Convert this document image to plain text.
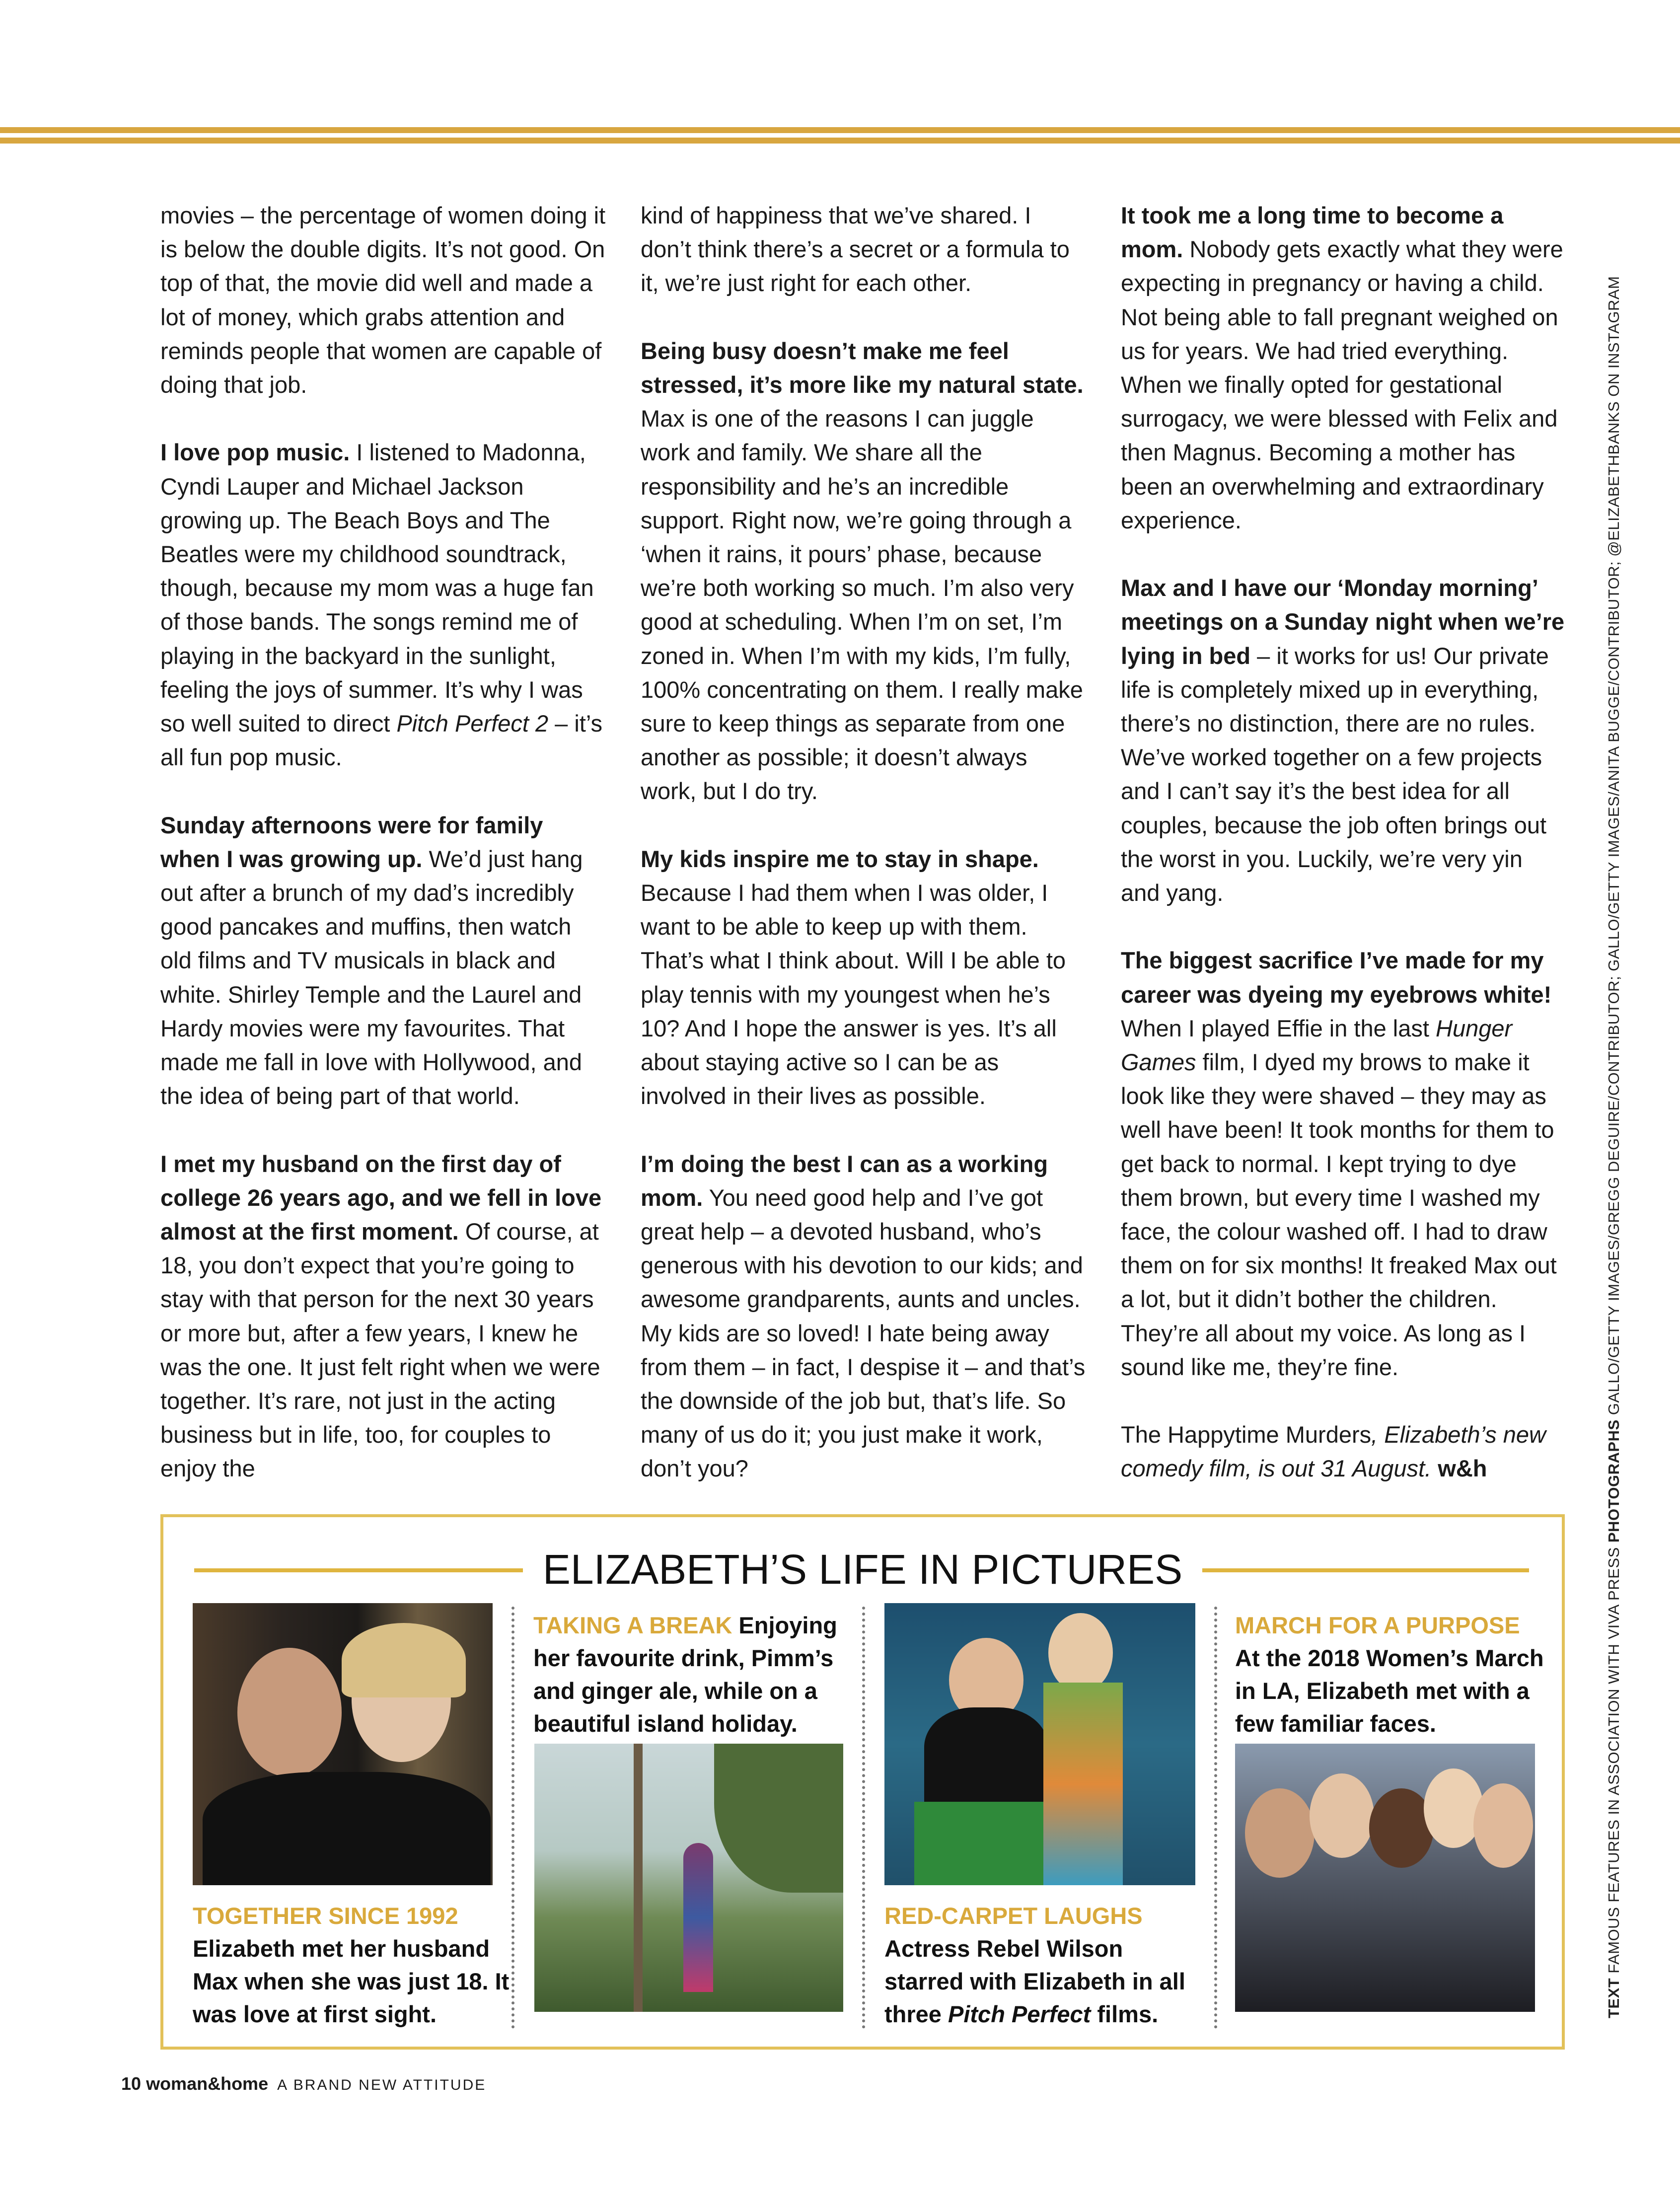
movies – the percentage of women doing it is below the double digits. It’s not good. On top of that, the movie did well and made a lot of money, which grabs attention and reminds people that women are capable of doing that job.

I love pop music. I listened to Madonna, Cyndi Lauper and Michael Jackson growing up. The Beach Boys and The Beatles were my childhood soundtrack, though, because my mom was a huge fan of those bands. The songs remind me of playing in the backyard in the sunlight, feeling the joys of summer. It’s why I was so well suited to direct Pitch Perfect 2 – it’s all fun pop music.

Sunday afternoons were for family when I was growing up. We’d just hang out after a brunch of my dad’s incredibly good pancakes and muffins, then watch old films and TV musicals in black and white. Shirley Temple and the Laurel and Hardy movies were my favourites. That made me fall in love with Hollywood, and the idea of being part of that world.

I met my husband on the first day of college 26 years ago, and we fell in love almost at the first moment. Of course, at 18, you don’t expect that you’re going to stay with that person for the next 30 years or more but, after a few years, I knew he was the one. It just felt right when we were together. It’s rare, not just in the acting business but in life, too, for couples to enjoy the

kind of happiness that we’ve shared. I don’t think there’s a secret or a formula to it, we’re just right for each other.

Being busy doesn’t make me feel stressed, it’s more like my natural state. Max is one of the reasons I can juggle work and family. We share all the responsibility and he’s an incredible support. Right now, we’re going through a ‘when it rains, it pours’ phase, because we’re both working so much. I’m also very good at scheduling. When I’m on set, I’m zoned in. When I’m with my kids, I’m fully, 100% concentrating on them. I really make sure to keep things as separate from one another as possible; it doesn’t always work, but I do try.

My kids inspire me to stay in shape. Because I had them when I was older, I want to be able to keep up with them. That’s what I think about. Will I be able to play tennis with my youngest when he’s 10? And I hope the answer is yes. It’s all about staying active so I can be as involved in their lives as possible.

I’m doing the best I can as a working mom. You need good help and I’ve got great help – a devoted husband, who’s generous with his devotion to our kids; and awesome grandparents, aunts and uncles. My kids are so loved! I hate being away from them – in fact, I despise it – and that’s the downside of the job but, that’s life. So many of us do it; you just make it work, don’t you?

It took me a long time to become a mom. Nobody gets exactly what they were expecting in pregnancy or having a child. Not being able to fall pregnant weighed on us for years. We had tried everything. When we finally opted for gestational surrogacy, we were blessed with Felix and then Magnus. Becoming a mother has been an overwhelming and extraordinary experience.

Max and I have our ‘Monday morning’ meetings on a Sunday night when we’re lying in bed – it works for us! Our private life is completely mixed up in everything, there’s no distinction, there are no rules. We’ve worked together on a few projects and I can’t say it’s the best idea for all couples, because the job often brings out the worst in you. Luckily, we’re very yin and yang.

The biggest sacrifice I’ve made for my career was dyeing my eyebrows white! When I played Effie in the last Hunger Games film, I dyed my brows to make it look like they were shaved – they may as well have been! It took months for them to get back to normal. I kept trying to dye them brown, but every time I washed my face, the colour washed off. I had to draw them on for six months! It freaked Max out a lot, but it didn’t bother the children. They’re all about my voice. As long as I sound like me, they’re fine.

The Happytime Murders, Elizabeth’s new comedy film, is out 31 August. w&h

ELIZABETH’S LIFE IN PICTURES
TOGETHER SINCE 1992
Elizabeth met her husband Max when she was just 18. It was love at first sight.
TAKING A BREAK Enjoying her favourite drink, Pimm’s and ginger ale, while on a beautiful island holiday.
RED-CARPET LAUGHS
Actress Rebel Wilson starred with Elizabeth in all three Pitch Perfect films.
MARCH FOR A PURPOSE
At the 2018 Women’s March in LA, Elizabeth met with a few familiar faces.
TEXT FAMOUS FEATURES IN ASSOCIATION WITH VIVA PRESS PHOTOGRAPHS GALLO/GETTY IMAGES/GREGG DEGUIRE/CONTRIBUTOR; GALLO/GETTY IMAGES/ANITA BUGGE/CONTRIBUTOR; @ELIZABETHBANKS ON INSTAGRAM
10 woman&home A BRAND NEW ATTITUDE
